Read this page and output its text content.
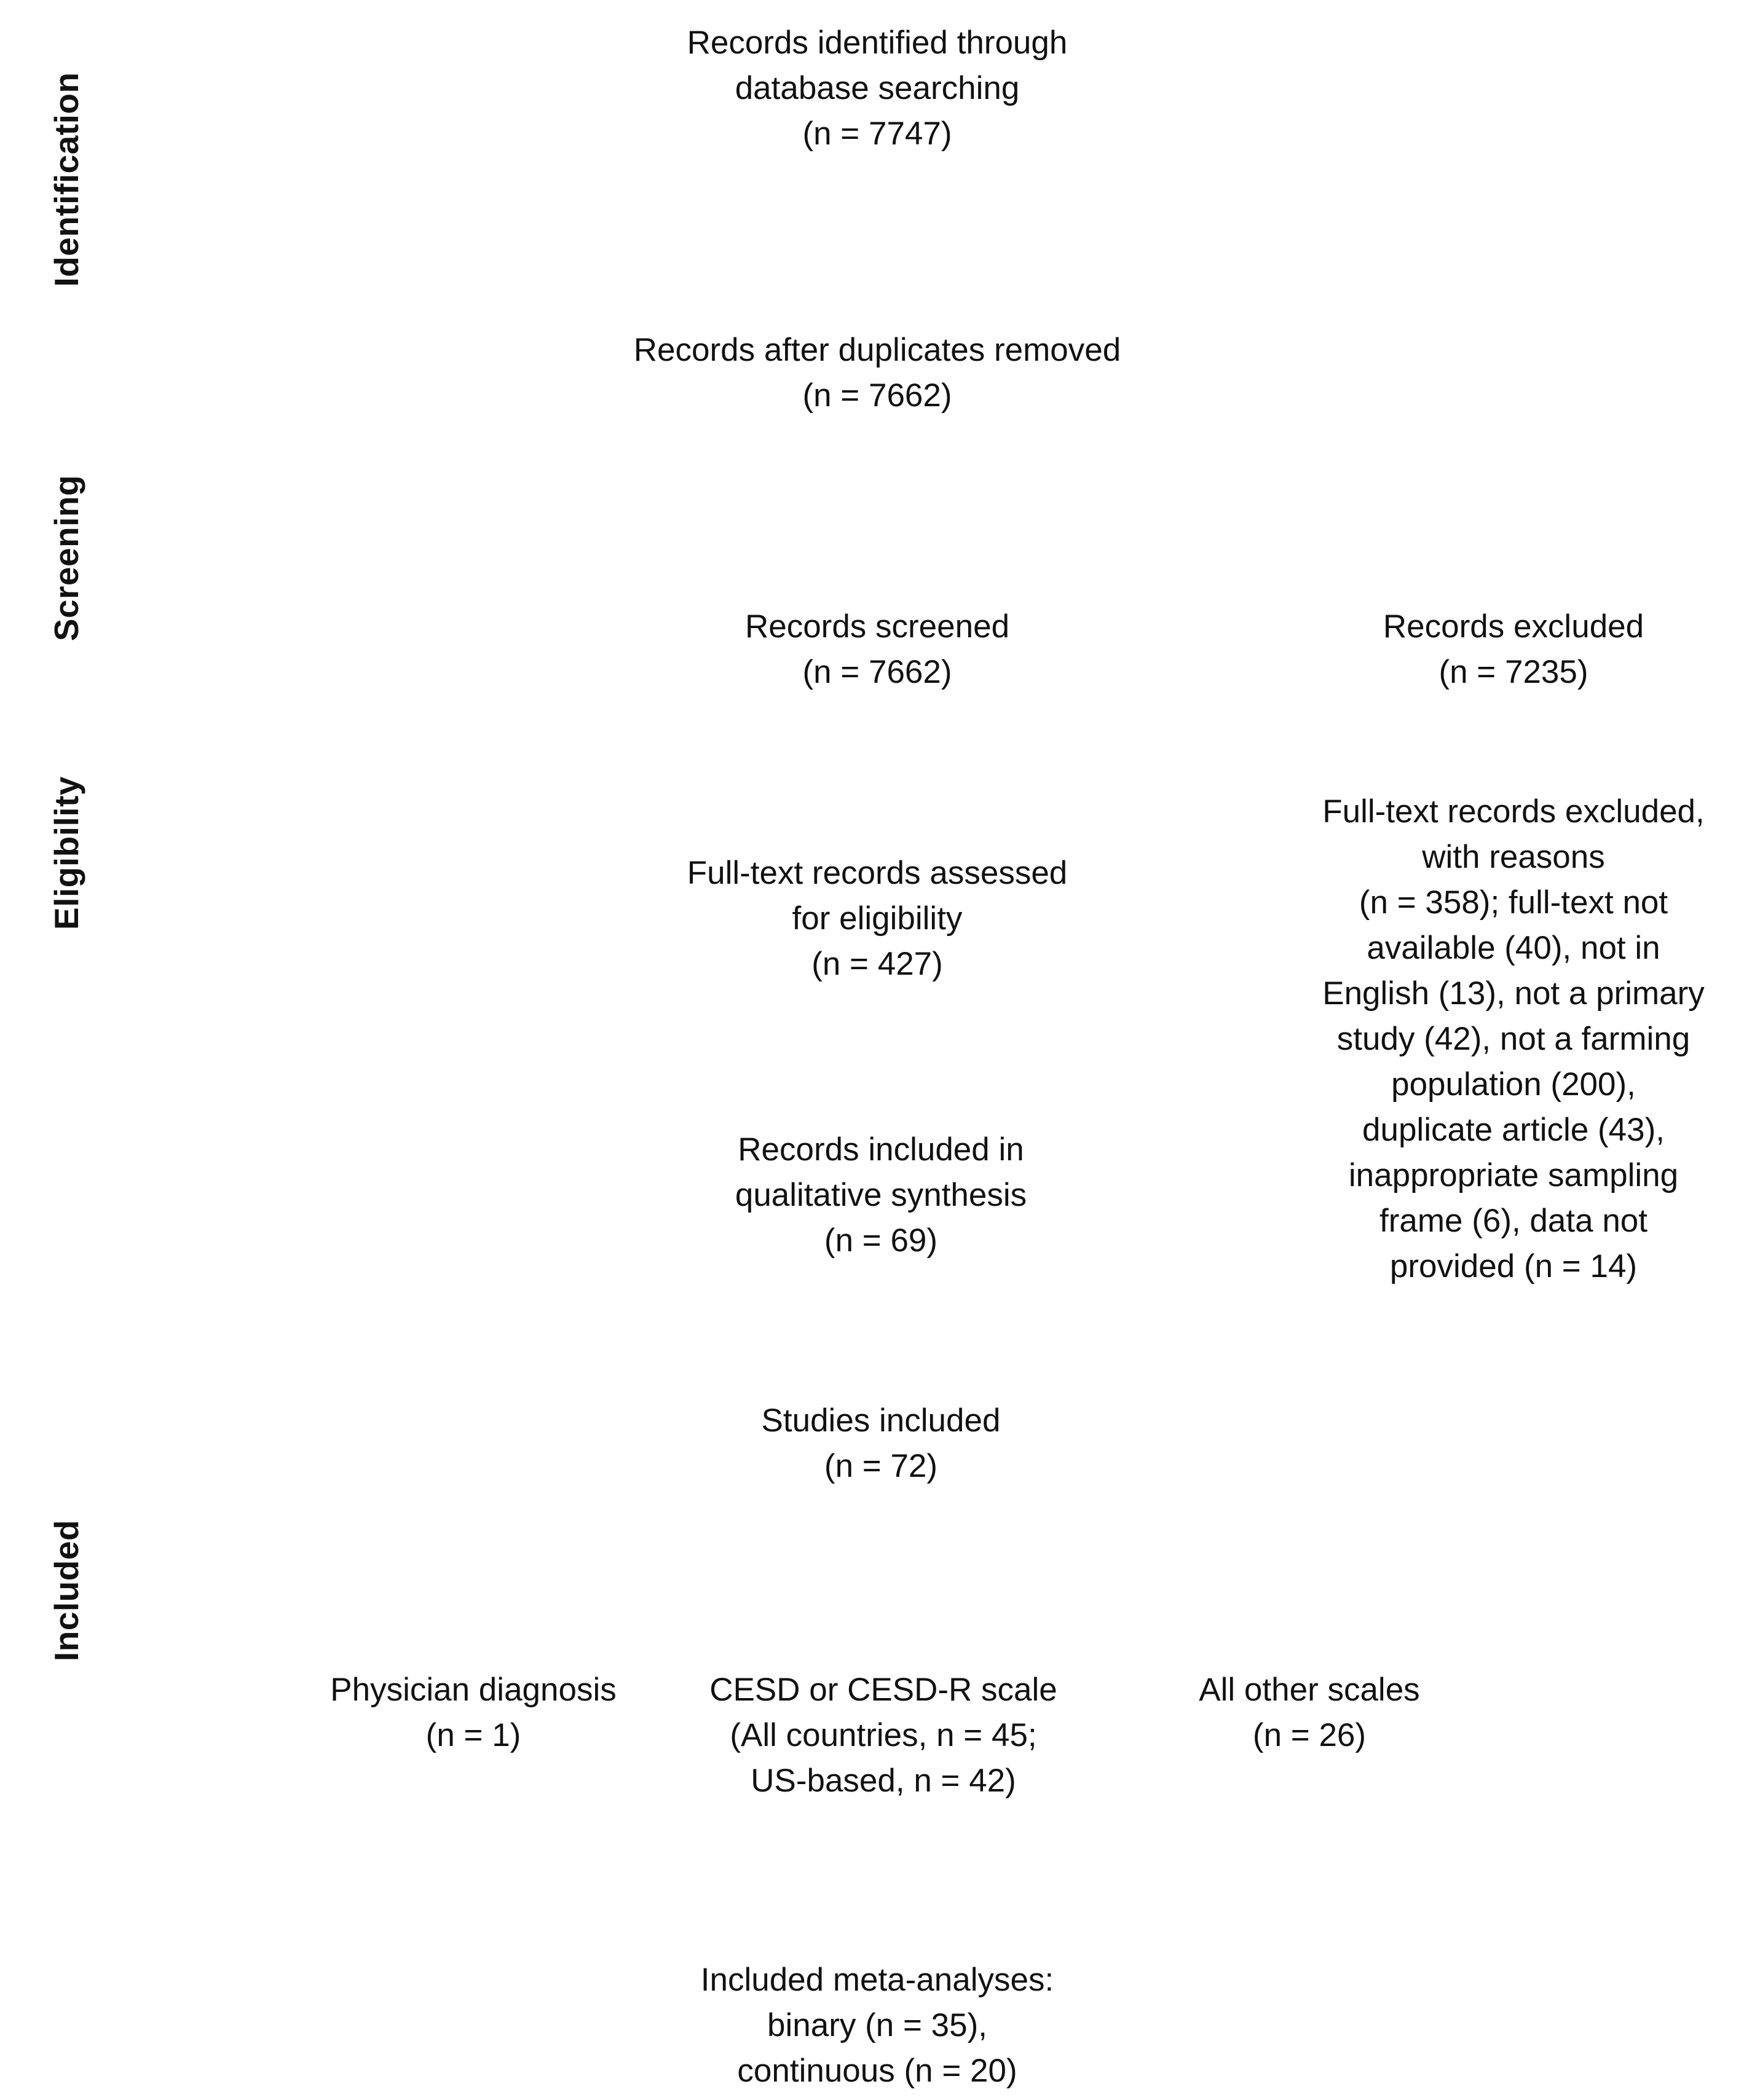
Identification
Screening
Eligibility
Included
Records identified through
database searching
(n = 7747)
Records after duplicates removed
(n = 7662)
Records screened
(n = 7662)
Records excluded
(n = 7235)
Full-text records assessed
for eligibility
(n = 427)
Full-text records excluded,
with reasons
(n = 358); full-text not
available (40), not in
English (13), not a primary
study (42), not a farming
population (200),
duplicate article (43),
inappropriate sampling
frame (6), data not
provided (n = 14)
Records included in
qualitative synthesis
(n = 69)
Studies included
(n = 72)
Physician diagnosis
(n = 1)
CESD or CESD-R scale
(All countries, n = 45;
US-based, n = 42)
All other scales
(n = 26)
Included meta-analyses:
binary (n = 35),
continuous (n = 20)
